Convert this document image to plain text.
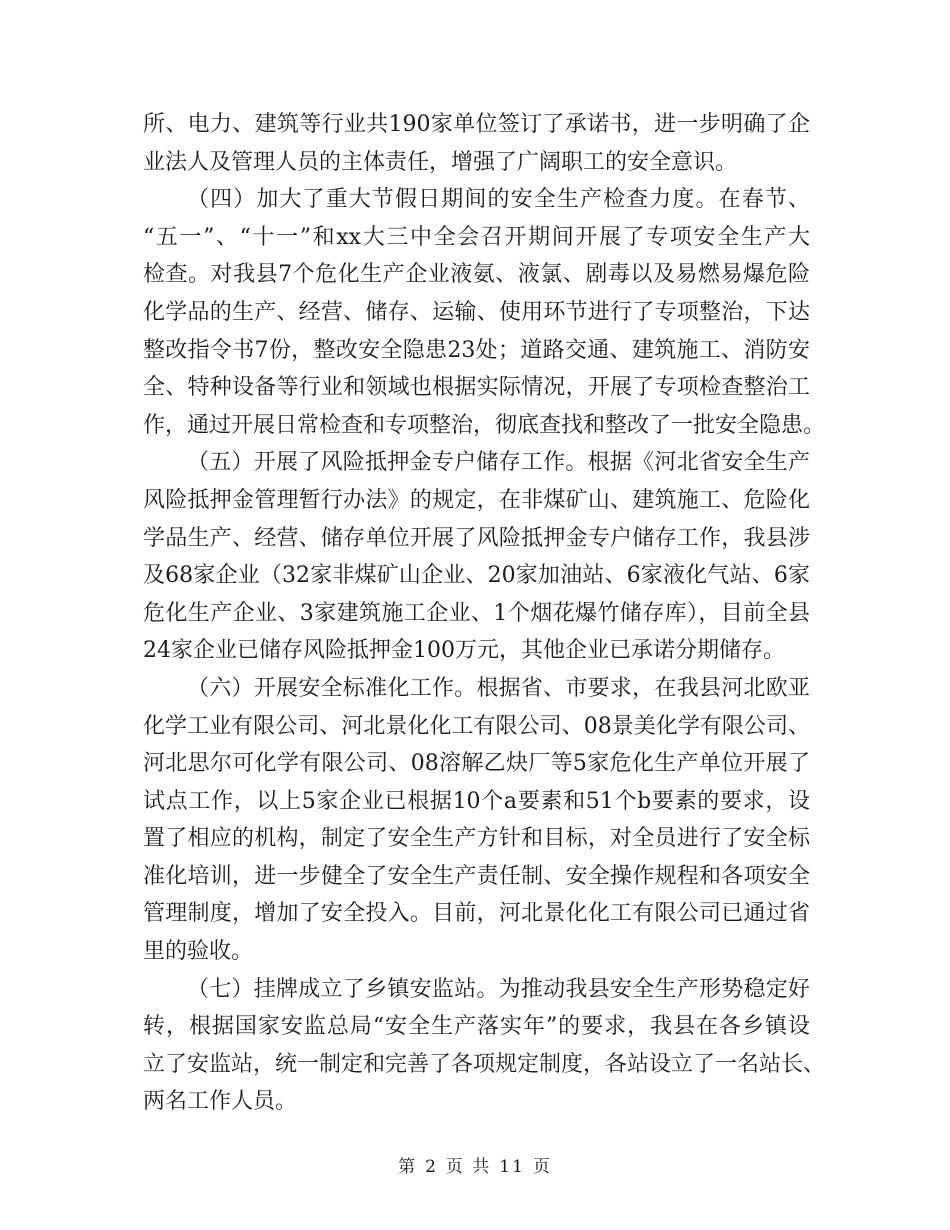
所、电力、建筑等行业共190家单位签订了承诺书，进一步明确了企
业法人及管理人员的主体责任，增强了广阔职工的安全意识。
（四）加大了重大节假日期间的安全生产检查力度。在春节、
“五一”、“十一”和xx大三中全会召开期间开展了专项安全生产大
检查。对我县7个危化生产企业液氨、液氯、剧毒以及易燃易爆危险
化学品的生产、经营、储存、运输、使用环节进行了专项整治，下达
整改指令书7份，整改安全隐患23处；道路交通、建筑施工、消防安
全、特种设备等行业和领域也根据实际情况，开展了专项检查整治工
作，通过开展日常检查和专项整治，彻底查找和整改了一批安全隐患。
（五）开展了风险抵押金专户储存工作。根据《河北省安全生产
风险抵押金管理暂行办法》的规定，在非煤矿山、建筑施工、危险化
学品生产、经营、储存单位开展了风险抵押金专户储存工作，我县涉
及68家企业（32家非煤矿山企业、20家加油站、6家液化气站、6家
危化生产企业、3家建筑施工企业、1个烟花爆竹储存库），目前全县
24家企业已储存风险抵押金100万元，其他企业已承诺分期储存。
（六）开展安全标准化工作。根据省、市要求，在我县河北欧亚
化学工业有限公司、河北景化化工有限公司、08景美化学有限公司、
河北思尔可化学有限公司、08溶解乙炔厂等5家危化生产单位开展了
试点工作，以上5家企业已根据10个a要素和51个b要素的要求，设
置了相应的机构，制定了安全生产方针和目标，对全员进行了安全标
准化培训，进一步健全了安全生产责任制、安全操作规程和各项安全
管理制度，增加了安全投入。目前，河北景化化工有限公司已通过省
里的验收。
（七）挂牌成立了乡镇安监站。为推动我县安全生产形势稳定好
转，根据国家安监总局“安全生产落实年”的要求，我县在各乡镇设
立了安监站，统一制定和完善了各项规定制度，各站设立了一名站长、
两名工作人员。
第 2 页 共 11 页
